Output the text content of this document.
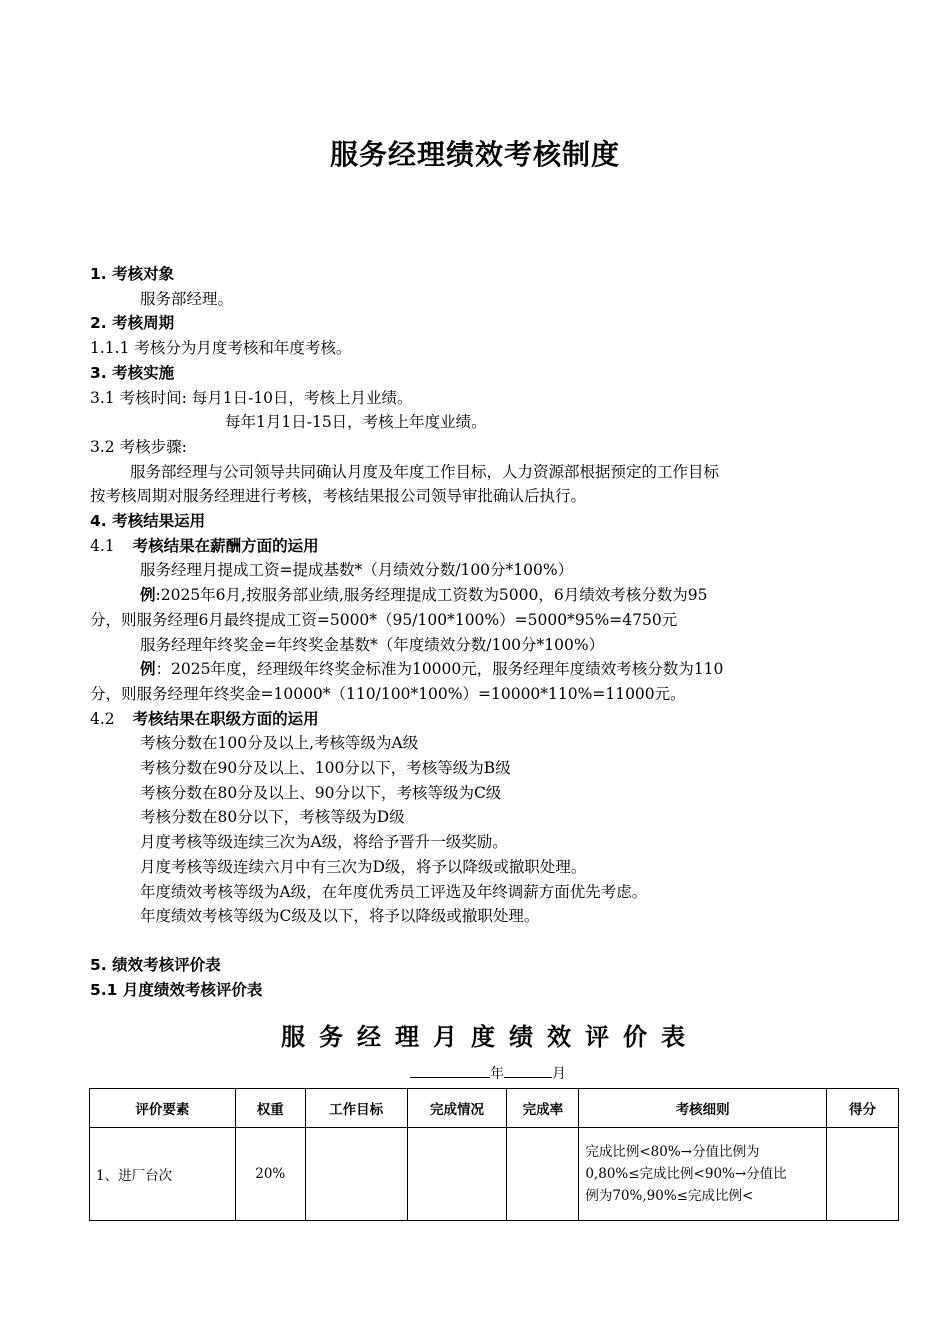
服务经理绩效考核制度
1. 考核对象
服务部经理。
2. 考核周期
1.1.1 考核分为月度考核和年度考核。
3. 考核实施
3.1 考核时间: 每月1日-10日，考核上月业绩。
每年1月1日-15日，考核上年度业绩。
3.2 考核步骤:
服务部经理与公司领导共同确认月度及年度工作目标，人力资源部根据预定的工作目标
按考核周期对服务经理进行考核，考核结果报公司领导审批确认后执行。
4. 考核结果运用
4.1 考核结果在薪酬方面的运用
服务经理月提成工资=提成基数*（月绩效分数/100分*100%）
例:2025年6月,按服务部业绩,服务经理提成工资数为5000，6月绩效考核分数为95
分，则服务经理6月最终提成工资=5000*（95/100*100%）=5000*95%=4750元
服务经理年终奖金=年终奖金基数*（年度绩效分数/100分*100%）
例：2025年度，经理级年终奖金标准为10000元，服务经理年度绩效考核分数为110
分，则服务经理年终奖金=10000*（110/100*100%）=10000*110%=11000元。
4.2 考核结果在职级方面的运用
考核分数在100分及以上,考核等级为A级
考核分数在90分及以上、100分以下，考核等级为B级
考核分数在80分及以上、90分以下，考核等级为C级
考核分数在80分以下，考核等级为D级
月度考核等级连续三次为A级，将给予晋升一级奖励。
月度考核等级连续六月中有三次为D级，将予以降级或撤职处理。
年度绩效考核等级为A级，在年度优秀员工评选及年终调薪方面优先考虑。
年度绩效考核等级为C级及以下，将予以降级或撤职处理。
5. 绩效考核评价表
5.1 月度绩效考核评价表
服务经理月度绩效评价表
年	月
评价要素	权重	工作目标	完成情况	完成率	考核细则	得分
1、进厂台次	20%				完成比例<80%→分值比例为
0,80%≤完成比例<90%→分值比
例为70%,90%≤完成比例<	
